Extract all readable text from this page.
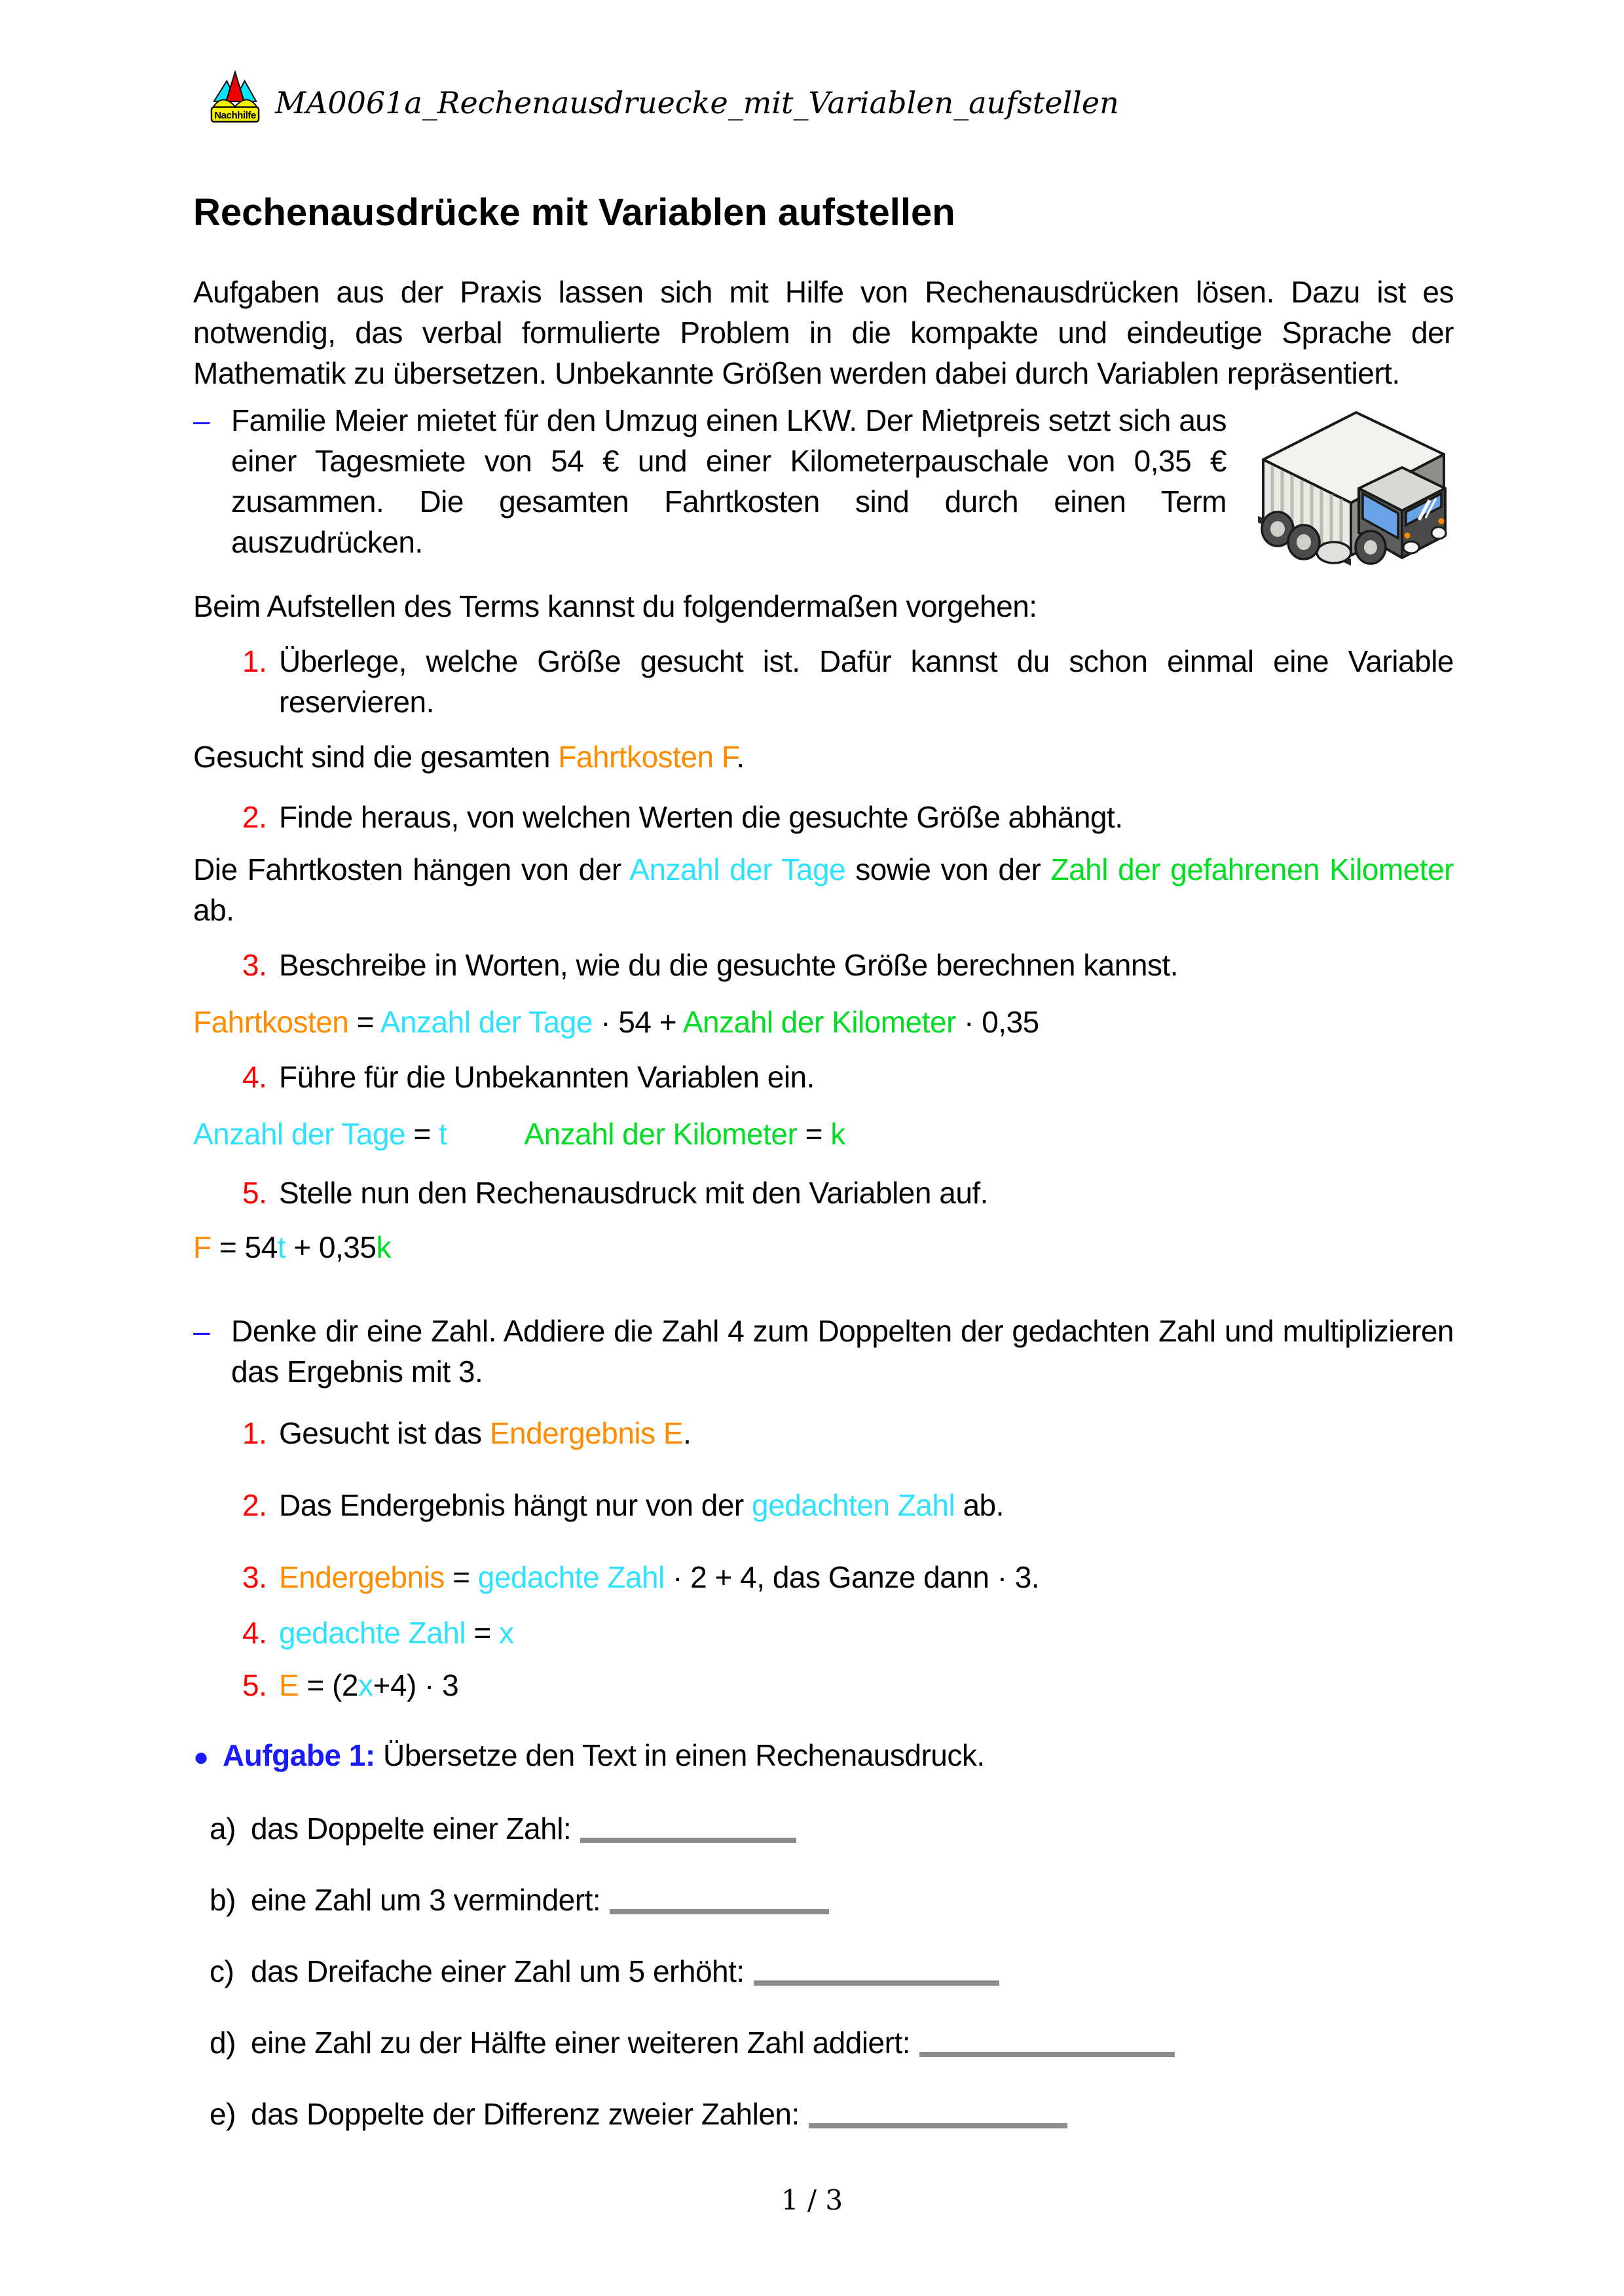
Nachhilfe MA0061a_Rechenausdruecke_mit_Variablen_aufstellen
Rechenausdrücke mit Variablen aufstellen
Aufgaben aus der Praxis lassen sich mit Hilfe von Rechenausdrücken lösen. Dazu ist es notwendig, das verbal formulierte Problem in die kompakte und eindeutige Sprache der Mathematik zu übersetzen. Unbekannte Größen werden dabei durch Variablen repräsentiert.
– Familie Meier mietet für den Umzug einen LKW. Der Mietpreis setzt sich aus einer Tagesmiete von 54 € und einer Kilometerpauschale von 0,35 € zusammen. Die gesamten Fahrtkosten sind durch einen Term auszudrücken.
Beim Aufstellen des Terms kannst du folgendermaßen vorgehen:
1. Überlege, welche Größe gesucht ist. Dafür kannst du schon einmal eine Variable reservieren.
Gesucht sind die gesamten Fahrtkosten F.
2. Finde heraus, von welchen Werten die gesuchte Größe abhängt.
Die Fahrtkosten hängen von der Anzahl der Tage sowie von der Zahl der gefahrenen Kilometer ab.
3. Beschreibe in Worten, wie du die gesuchte Größe berechnen kannst.
Fahrtkosten = Anzahl der Tage · 54 + Anzahl der Kilometer · 0,35
4. Führe für die Unbekannten Variablen ein.
Anzahl der Tage = t	Anzahl der Kilometer = k
5. Stelle nun den Rechenausdruck mit den Variablen auf.
F = 54t + 0,35k
– Denke dir eine Zahl. Addiere die Zahl 4 zum Doppelten der gedachten Zahl und multiplizieren das Ergebnis mit 3.
1. Gesucht ist das Endergebnis E.
2. Das Endergebnis hängt nur von der gedachten Zahl ab.
3. Endergebnis = gedachte Zahl · 2 + 4, das Ganze dann · 3.
4. gedachte Zahl = x
5. E = (2x+4) · 3
● Aufgabe 1: Übersetze den Text in einen Rechenausdruck.
a) das Doppelte einer Zahl:
b) eine Zahl um 3 vermindert:
c) das Dreifache einer Zahl um 5 erhöht:
d) eine Zahl zu der Hälfte einer weiteren Zahl addiert:
e) das Doppelte der Differenz zweier Zahlen:
1 / 3
